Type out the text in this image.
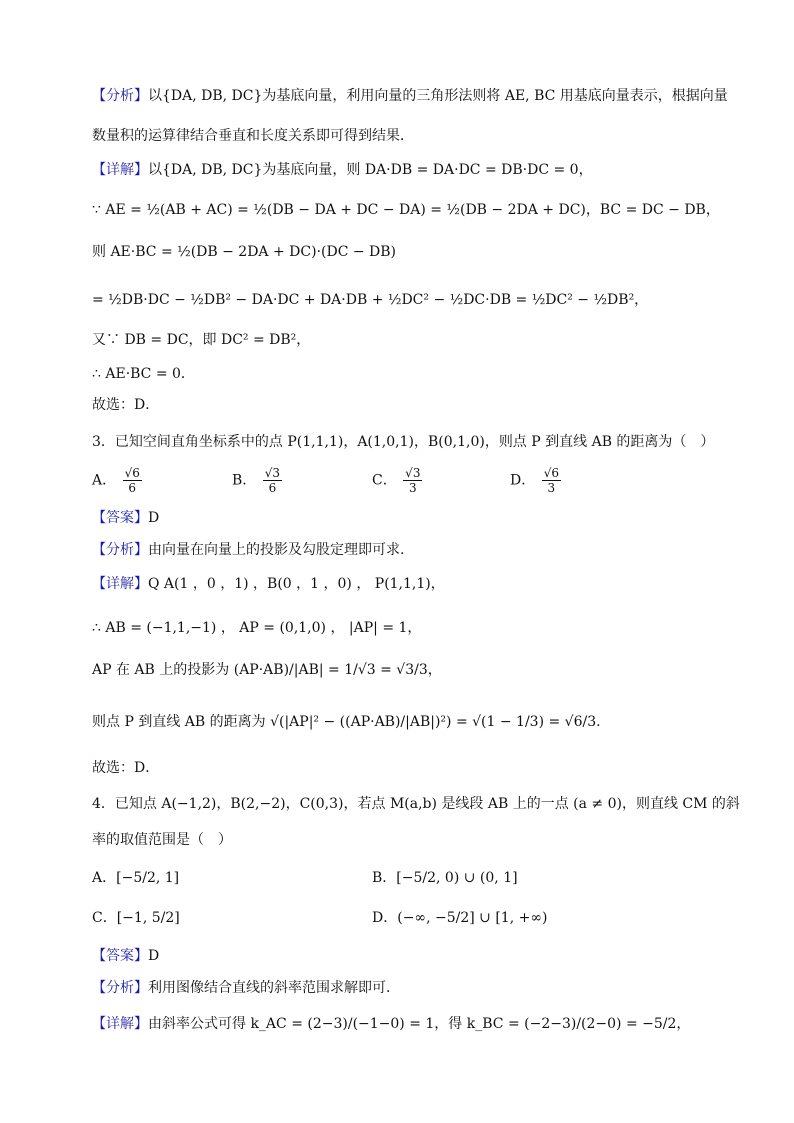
【分析】以{DA, DB, DC}为基底向量，利用向量的三角形法则将 AE, BC 用基底向量表示，根据向量
数量积的运算律结合垂直和长度关系即可得到结果．
【详解】以{DA, DB, DC}为基底向量，则 DA·DB = DA·DC = DB·DC = 0，
∵ AE = ½(AB + AC) = ½(DB − DA + DC − DA) = ½(DB − 2DA + DC)，BC = DC − DB，
则 AE·BC = ½(DB − 2DA + DC)·(DC − DB)
= ½DB·DC − ½DB² − DA·DC + DA·DB + ½DC² − ½DC·DB = ½DC² − ½DB²，
又∵ DB = DC，即 DC² = DB²，
∴ AE·BC = 0．
故选：D．
3．已知空间直角坐标系中的点 P(1,1,1)，A(1,0,1)，B(0,1,0)，则点 P 到直线 AB 的距离为（　）
A． $\frac{√6}{6}$	B． $\frac{√3}{6}$	C． $\frac{√3}{3}$	D． $\frac{√6}{3}$
【答案】D
【分析】由向量在向量上的投影及勾股定理即可求.
【详解】Q A(1 ，0 ，1) ，B(0 ，1 ，0) ， P(1,1,1)，
∴ AB = (−1,1,−1) ， AP = (0,1,0) ， |AP| = 1，
AP 在 AB 上的投影为 (AP·AB)/|AB| = 1/√3 = √3/3，
则点 P 到直线 AB 的距离为 √(|AP|² − ((AP·AB)/|AB|)²) = √(1 − 1/3) = √6/3.
故选：D．
4．已知点 A(−1,2)，B(2,−2)，C(0,3)，若点 M(a,b) 是线段 AB 上的一点 (a ≠ 0)，则直线 CM 的斜
率的取值范围是（　）
A．[−5/2, 1]	B．[−5/2, 0) ∪ (0, 1]
C．[−1, 5/2]	D．(−∞, −5/2] ∪ [1, +∞)
【答案】D
【分析】利用图像结合直线的斜率范围求解即可.
【详解】由斜率公式可得 k_AC = (2−3)/(−1−0) = 1，得 k_BC = (−2−3)/(2−0) = −5/2，
